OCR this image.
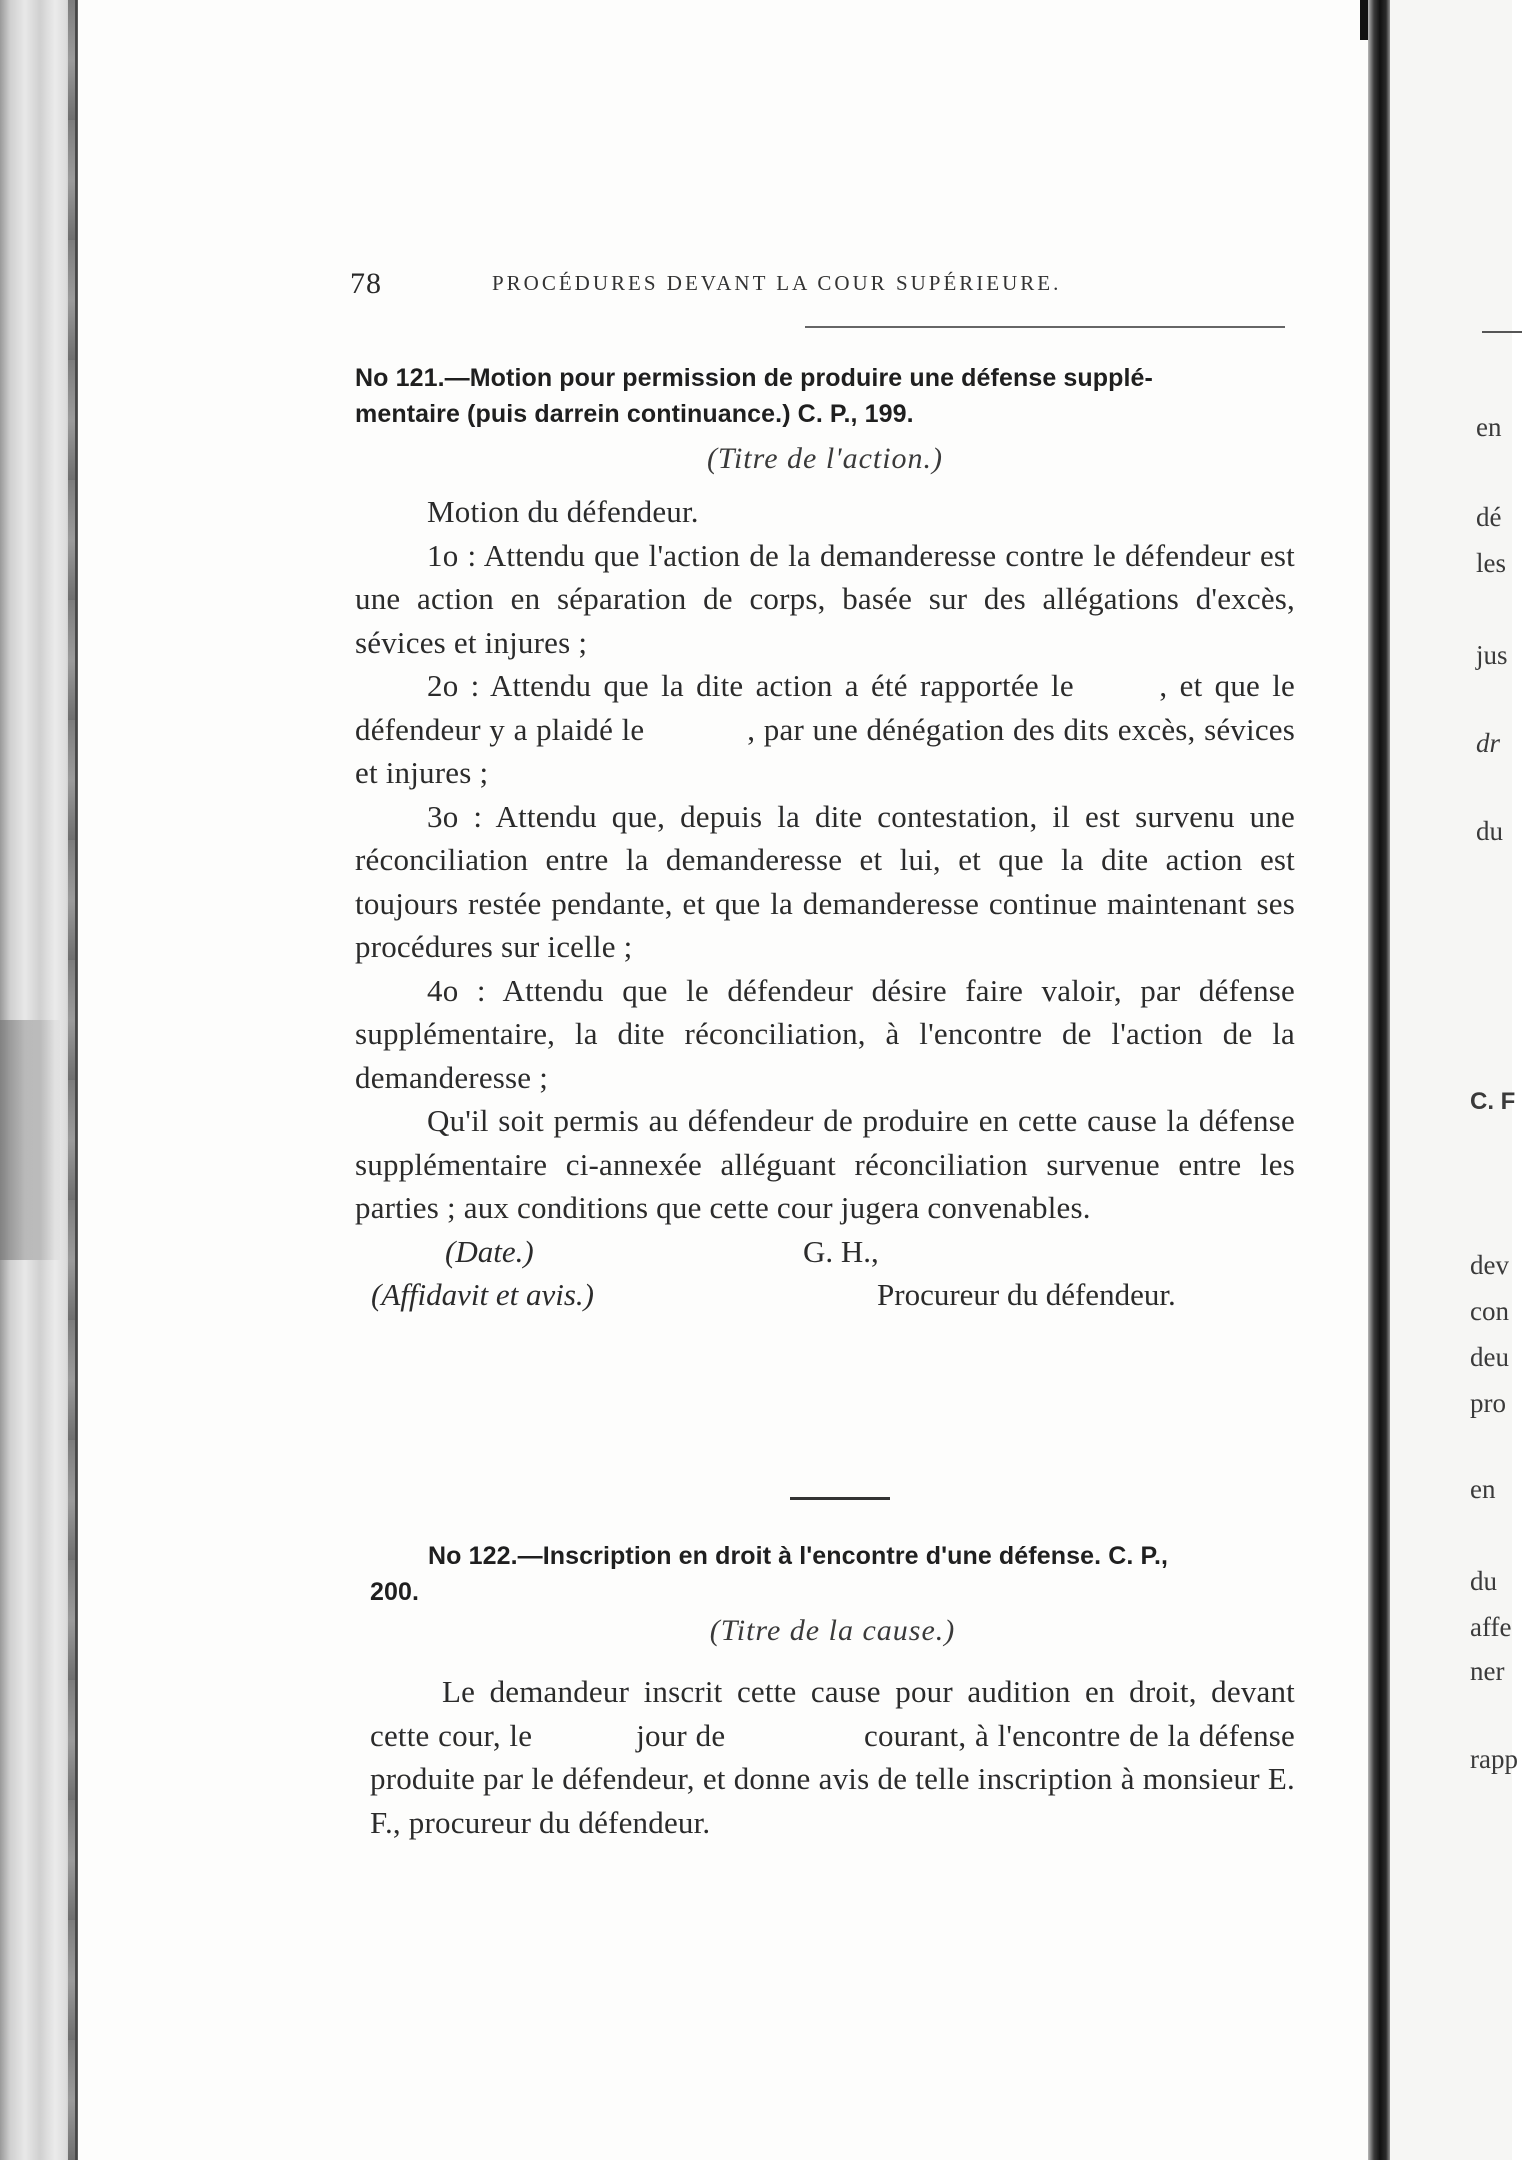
78	PROCÉDURES DEVANT LA COUR SUPÉRIEURE.
No 121.—Motion pour permission de produire une défense supplé-
mentaire (puis darrein continuance.) C. P., 199.
(Titre de l'action.)

Motion du défendeur.

1o : Attendu que l'action de la demanderesse contre le défendeur est une action en séparation de corps, basée sur des allégations d'excès, sévices et injures ;

2o : Attendu que la dite action a été rapportée le       , et que le défendeur y a plaidé le            , par une dénégation des dits excès, sévices et injures ;

3o : Attendu que, depuis la dite contestation, il est survenu une réconciliation entre la demanderesse et lui, et que la dite action est toujours restée pendante, et que la demanderesse continue maintenant ses procédures sur icelle ;

4o : Attendu que le défendeur désire faire valoir, par défense supplémentaire, la dite réconciliation, à l'encontre de l'action de la demanderesse ;

Qu'il soit permis au défendeur de produire en cette cause la défense supplémentaire ci-annexée alléguant réconciliation survenue entre les parties ; aux conditions que cette cour jugera convenables.

(Date.)	G. H.,
(Affidavit et avis.)	Procureur du défendeur.
No 122.—Inscription en droit à l'encontre d'une défense. C. P.,
200.
(Titre de la cause.)

Le demandeur inscrit cette cause pour audition en droit, devant cette cour, le            jour de                courant, à l'encontre de la défense produite par le défendeur, et donne avis de telle inscription à monsieur E. F., procureur du défendeur.

en
dé
les
jus
dr
du
C. F
dev
con
deu
pro
en
du
affe
ner
rapp
